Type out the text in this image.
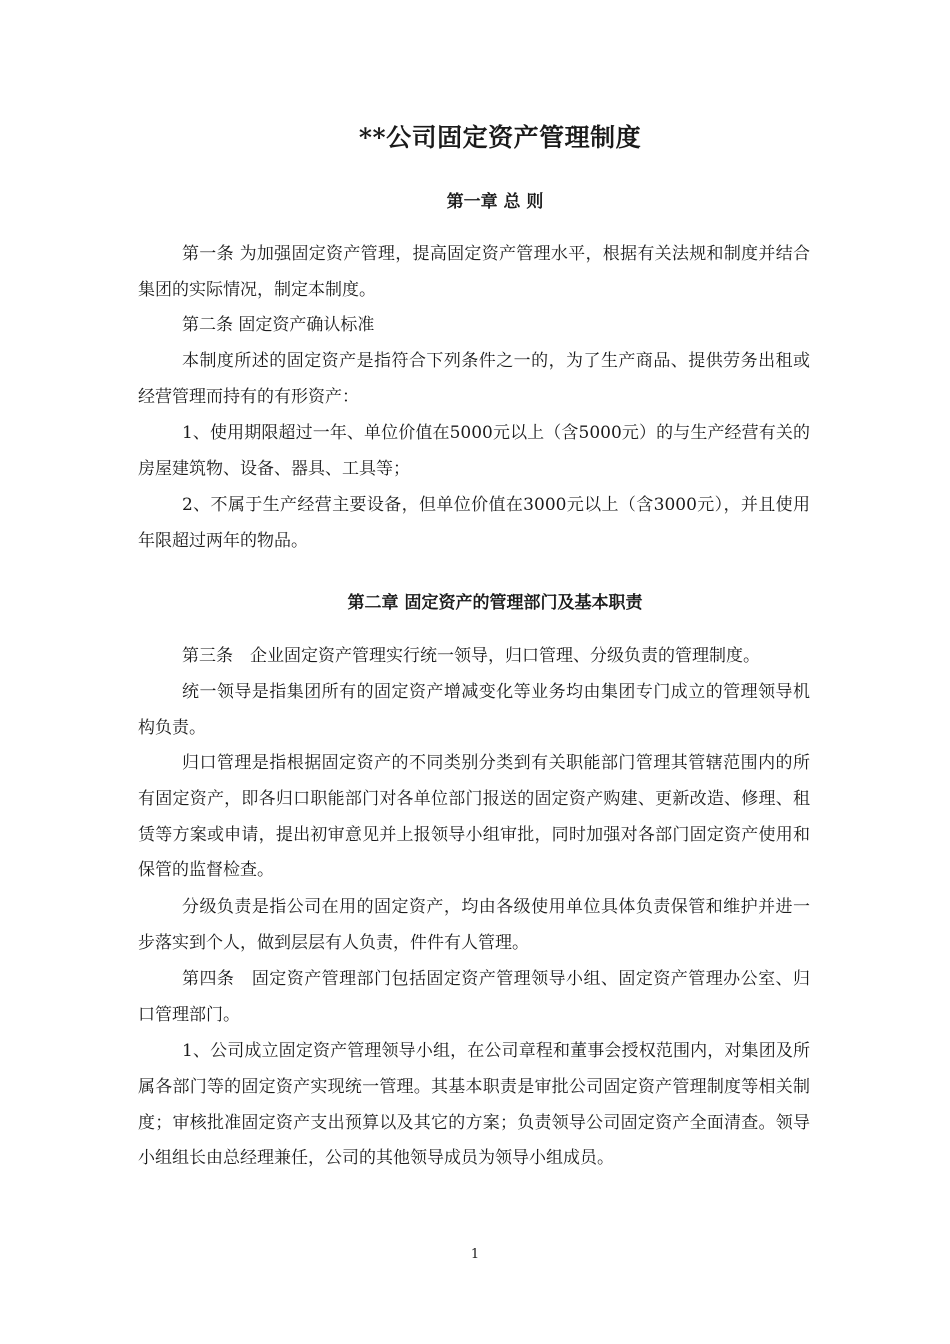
**公司固定资产管理制度
第一章 总 则

第一条 为加强固定资产管理，提高固定资产管理水平，根据有关法规和制度并结合集团的实际情况，制定本制度。

第二条 固定资产确认标准

本制度所述的固定资产是指符合下列条件之一的，为了生产商品、提供劳务出租或经营管理而持有的有形资产：

1、使用期限超过一年、单位价值在5000元以上（含5000元）的与生产经营有关的房屋建筑物、设备、器具、工具等；

2、不属于生产经营主要设备，但单位价值在3000元以上（含3000元），并且使用年限超过两年的物品。

第二章 固定资产的管理部门及基本职责

第三条　企业固定资产管理实行统一领导，归口管理、分级负责的管理制度。

统一领导是指集团所有的固定资产增减变化等业务均由集团专门成立的管理领导机构负责。

归口管理是指根据固定资产的不同类别分类到有关职能部门管理其管辖范围内的所有固定资产，即各归口职能部门对各单位部门报送的固定资产购建、更新改造、修理、租赁等方案或申请，提出初审意见并上报领导小组审批，同时加强对各部门固定资产使用和保管的监督检查。

分级负责是指公司在用的固定资产，均由各级使用单位具体负责保管和维护并进一步落实到个人，做到层层有人负责，件件有人管理。

第四条　固定资产管理部门包括固定资产管理领导小组、固定资产管理办公室、归口管理部门。

1、公司成立固定资产管理领导小组，在公司章程和董事会授权范围内，对集团及所属各部门等的固定资产实现统一管理。其基本职责是审批公司固定资产管理制度等相关制度；审核批准固定资产支出预算以及其它的方案；负责领导公司固定资产全面清查。领导小组组长由总经理兼任，公司的其他领导成员为领导小组成员。

1
